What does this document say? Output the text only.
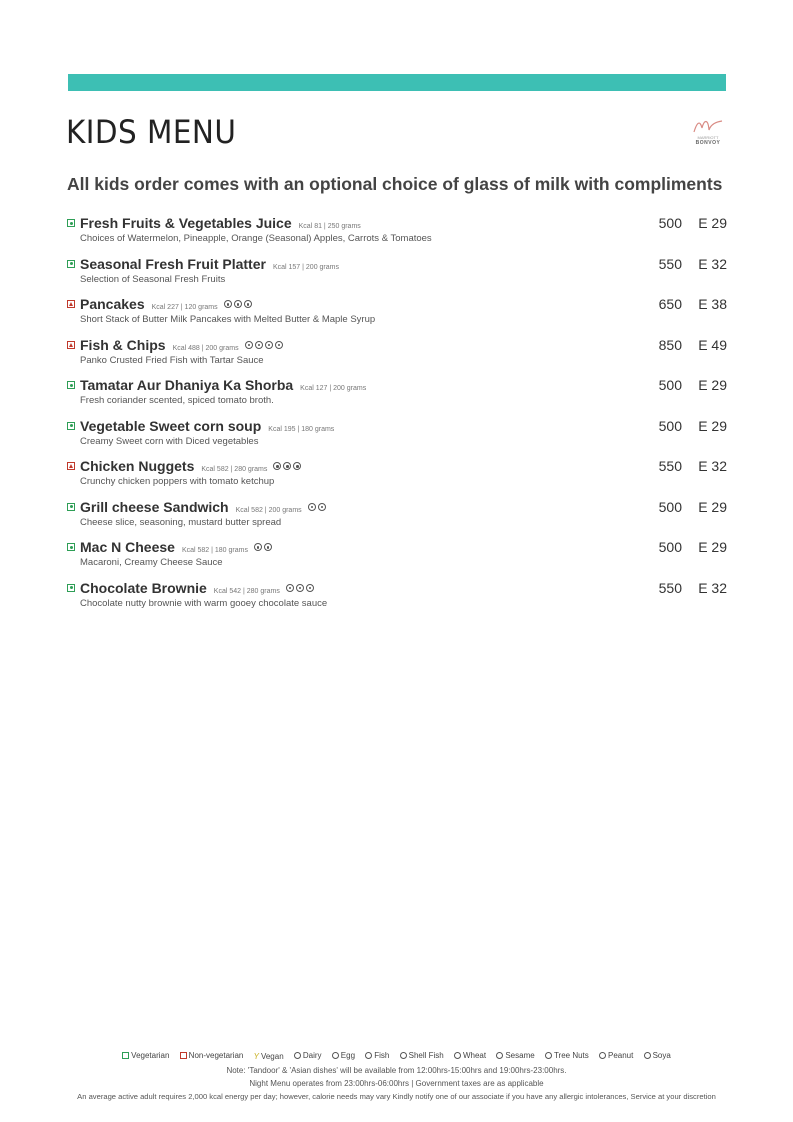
KIDS MENU	MARRIOTT
BONVOY
All kids order comes with an optional choice of glass of milk with compliments
Fresh Fruits & Vegetables Juice Kcal 81 | 250 grams
Choices of Watermelon, Pineapple, Orange (Seasonal) Apples, Carrots & Tomatoes
500 E 29
Seasonal Fresh Fruit Platter Kcal 157 | 200 grams
Selection of Seasonal Fresh Fruits
550 E 32
Pancakes Kcal 227 | 120 grams
Short Stack of Butter Milk Pancakes with Melted Butter & Maple Syrup
650 E 38
Fish & Chips Kcal 488 | 200 grams
Panko Crusted Fried Fish with Tartar Sauce
850 E 49
Tamatar Aur Dhaniya Ka Shorba Kcal 127 | 200 grams
Fresh coriander scented, spiced tomato broth.
500 E 29
Vegetable Sweet corn soup Kcal 195 | 180 grams
Creamy Sweet corn with Diced vegetables
500 E 29
Chicken Nuggets Kcal 582 | 280 grams
Crunchy chicken poppers with tomato ketchup
550 E 32
Grill cheese Sandwich Kcal 582 | 200 grams
Cheese slice, seasoning, mustard butter spread
500 E 29
Mac N Cheese Kcal 582 | 180 grams
Macaroni, Creamy Cheese Sauce
500 E 29
Chocolate Brownie Kcal 542 | 280 grams
Chocolate nutty brownie with warm gooey chocolate sauce
550 E 32
Vegetarian
Non-vegetarian
Y Vegan
Dairy
Egg
Fish
Shell Fish
Wheat
Sesame
Tree Nuts
Peanut
Soya
Note: 'Tandoor' & 'Asian dishes' will be available from 12:00hrs-15:00hrs and 19:00hrs-23:00hrs.
Night Menu operates from 23:00hrs-06:00hrs | Government taxes are as applicable
An average active adult requires 2,000 kcal energy per day; however, calorie needs may vary Kindly notify one of our associate if you have any allergic intolerances, Service at your discretion
